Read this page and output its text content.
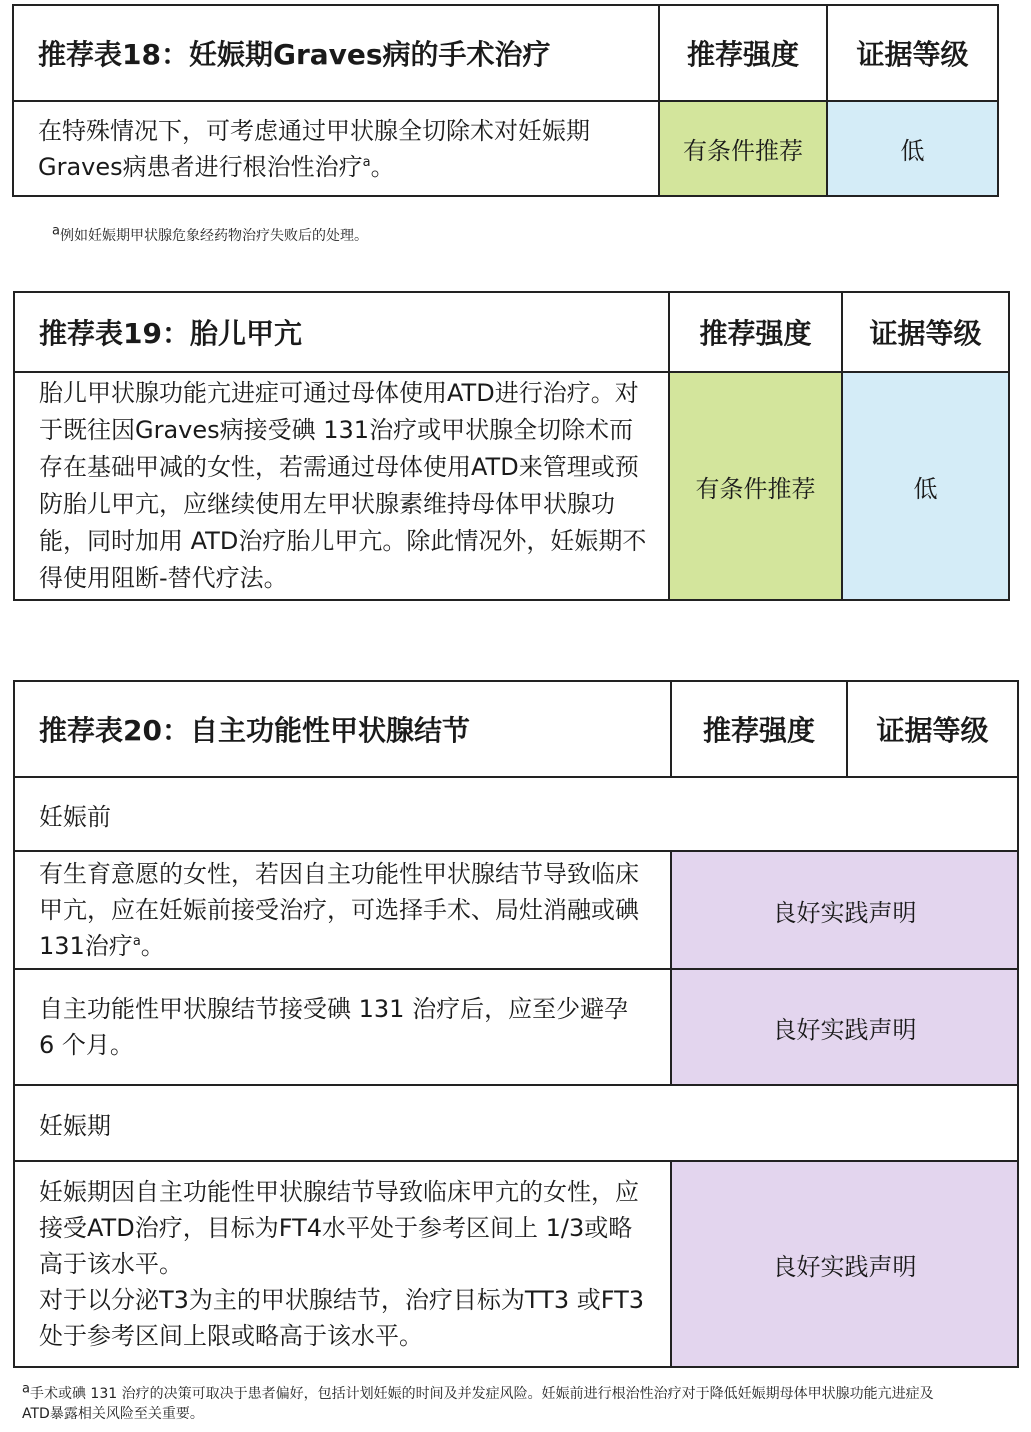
推荐表18：妊娠期Graves病的手术治疗	推荐强度	证据等级
在特殊情况下，可考虑通过甲状腺全切除术对妊娠期Graves病患者进行根治性治疗$^a$。	有条件推荐	低
$^a$例如妊娠期甲状腺危象经药物治疗失败后的处理。
推荐表19：胎儿甲亢	推荐强度	证据等级
胎儿甲状腺功能亢进症可通过母体使用ATD进行治疗。对于既往因Graves病接受碘 131治疗或甲状腺全切除术而存在基础甲减的女性，若需通过母体使用ATD来管理或预防胎儿甲亢，应继续使用左甲状腺素维持母体甲状腺功能，同时加用 ATD治疗胎儿甲亢。除此情况外，妊娠期不得使用阻断-替代疗法。	有条件推荐	低
推荐表20：自主功能性甲状腺结节	推荐强度	证据等级
妊娠前		
有生育意愿的女性，若因自主功能性甲状腺结节导致临床甲亢，应在妊娠前接受治疗，可选择手术、局灶消融或碘 131治疗$^a$。	良好实践声明	
自主功能性甲状腺结节接受碘 131 治疗后，应至少避孕 6 个月。	良好实践声明	
妊娠期		

妊娠期因自主功能性甲状腺结节导致临床甲亢的女性，应接受ATD治疗，目标为FT4水平处于参考区间上 1/3或略高于该水平。
对于以分泌T3为主的甲状腺结节，治疗目标为TT3 或FT3 处于参考区间上限或略高于该水平。	良好实践声明	
$^a$手术或碘 131 治疗的决策可取决于患者偏好，包括计划妊娠的时间及并发症风险。妊娠前进行根治性治疗对于降低妊娠期母体甲状腺功能亢进症及ATD暴露相关风险至关重要。
